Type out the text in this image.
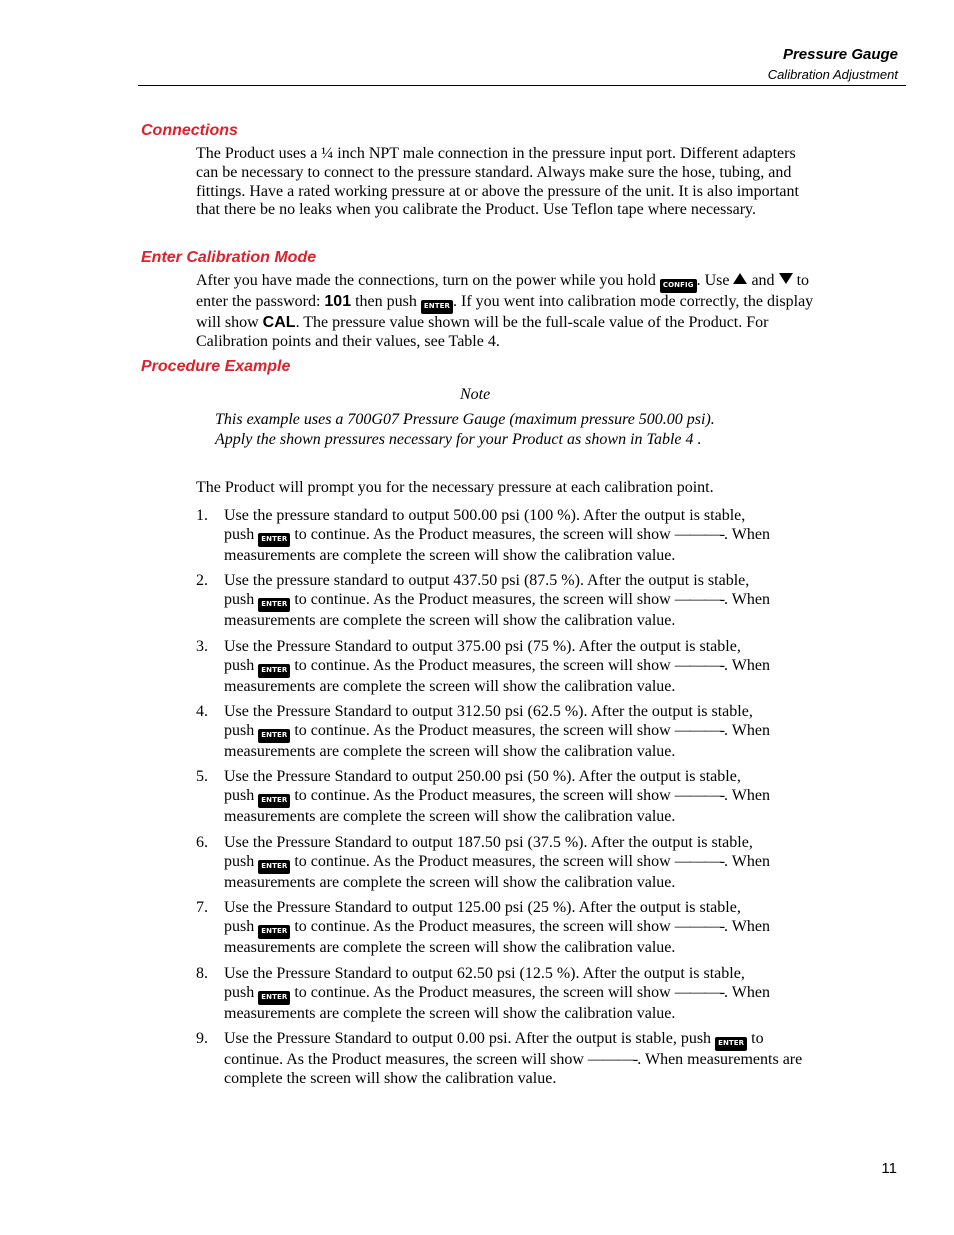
Pressure Gauge
Calibration Adjustment
Connections
The Product uses a ¼ inch NPT male connection in the pressure input port. Different adapters can be necessary to connect to the pressure standard. Always make sure the hose, tubing, and fittings. Have a rated working pressure at or above the pressure of the unit. It is also important that there be no leaks when you calibrate the Product. Use Teflon tape where necessary.
Enter Calibration Mode
After you have made the connections, turn on the power while you hold CONFIG . Use  and  to enter the password: 101 then push ENTER . If you went into calibration mode correctly, the display will show CAL. The pressure value shown will be the full-scale value of the Product. For Calibration points and their values, see Table 4.
Procedure Example
Note
This example uses a 700G07 Pressure Gauge (maximum pressure 500.00 psi). Apply the shown pressures necessary for your Product as shown in Table 4 .
The Product will prompt you for the necessary pressure at each calibration point.
1.	Use the pressure standard to output 500.00 psi (100 %). After the output is stable,
push ENTER to continue. As the Product measures, the screen will show ———-. When measurements are complete the screen will show the calibration value.
2.	Use the pressure standard to output 437.50 psi (87.5 %). After the output is stable,
push ENTER to continue. As the Product measures, the screen will show ———-. When measurements are complete the screen will show the calibration value.
3.	Use the Pressure Standard to output 375.00 psi (75 %). After the output is stable,
push ENTER to continue. As the Product measures, the screen will show ———-. When measurements are complete the screen will show the calibration value.
4.	Use the Pressure Standard to output 312.50 psi (62.5 %). After the output is stable,
push ENTER to continue. As the Product measures, the screen will show ———-. When measurements are complete the screen will show the calibration value.
5.	Use the Pressure Standard to output 250.00 psi (50 %). After the output is stable,
push ENTER to continue. As the Product measures, the screen will show ———-. When measurements are complete the screen will show the calibration value.
6.	Use the Pressure Standard to output 187.50 psi (37.5 %). After the output is stable,
push ENTER to continue. As the Product measures, the screen will show ———-. When measurements are complete the screen will show the calibration value.
7.	Use the Pressure Standard to output 125.00 psi (25 %). After the output is stable,
push ENTER to continue. As the Product measures, the screen will show ———-. When measurements are complete the screen will show the calibration value.
8.	Use the Pressure Standard to output 62.50 psi (12.5 %). After the output is stable,
push ENTER to continue. As the Product measures, the screen will show ———-. When measurements are complete the screen will show the calibration value.
9.	Use the Pressure Standard to output 0.00 psi. After the output is stable, push ENTER to
continue. As the Product measures, the screen will show ———-. When measurements are complete the screen will show the calibration value.
11
